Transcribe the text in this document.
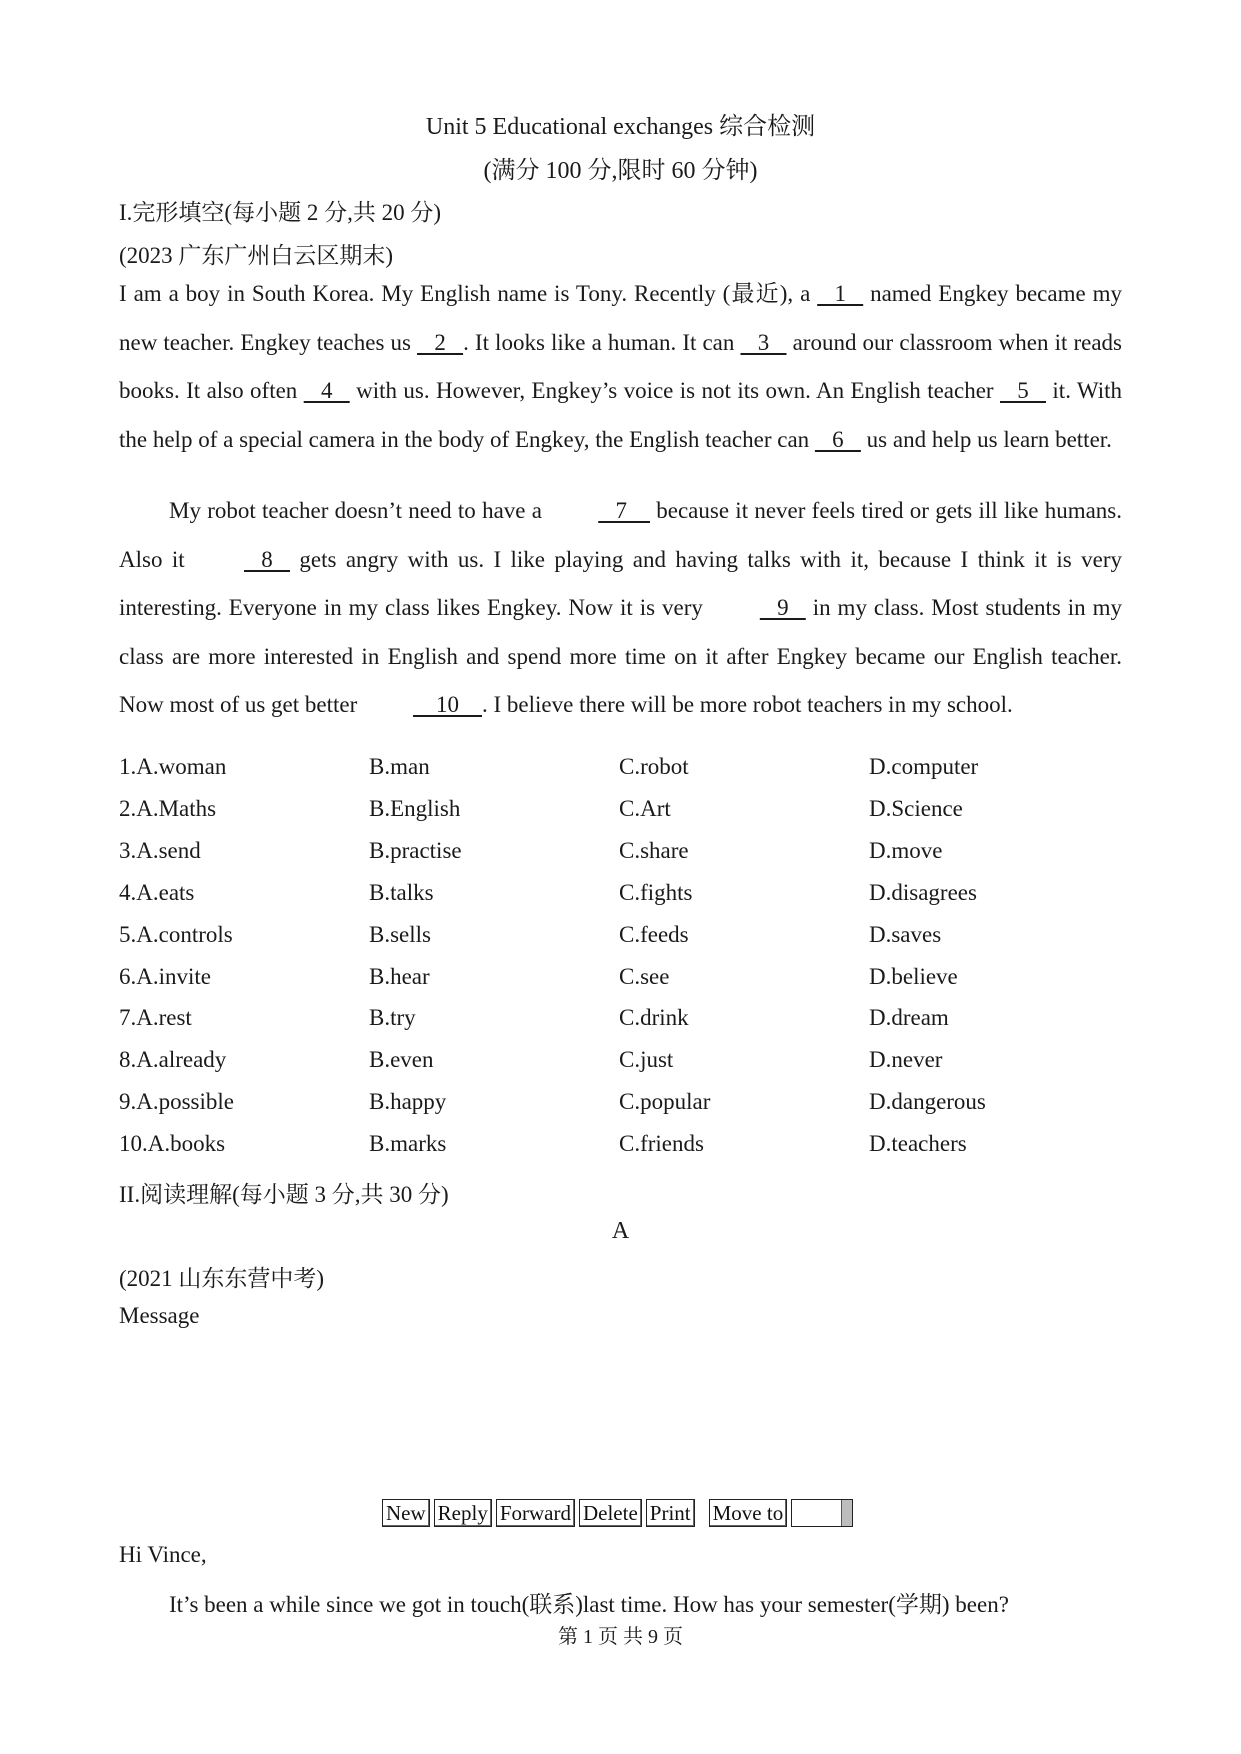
Unit 5 Educational exchanges 综合检测
(满分 100 分,限时 60 分钟)
I.完形填空(每小题 2 分,共 20 分)
(2023 广东广州白云区期末)

I am a boy in South Korea. My English name is Tony. Recently (最近), a    1    named Engkey became my new teacher. Engkey teaches us    2   . It looks like a human. It can    3    around our classroom when it reads books. It also often    4    with us. However, Engkey’s voice is not its own. An English teacher    5    it. With the help of a special camera in the body of Engkey, the English teacher can    6    us and help us learn better.

My robot teacher doesn’t need to have a    7     because it never feels tired or gets ill like humans. Also it    8    gets angry with us. I like playing and having talks with it, because I think it is very interesting. Everyone in my class likes Engkey. Now it is very    9    in my class. Most students in my class are more interested in English and spend more time on it after Engkey became our English teacher. Now most of us get better     10    . I believe there will be more robot teachers in my school.

1.A.woman	B.man	C.robot	D.computer
2.A.Maths	B.English	C.Art	D.Science
3.A.send	B.practise	C.share	D.move
4.A.eats	B.talks	C.fights	D.disagrees
5.A.controls	B.sells	C.feeds	D.saves
6.A.invite	B.hear	C.see	D.believe
7.A.rest	B.try	C.drink	D.dream
8.A.already	B.even	C.just	D.never
9.A.possible	B.happy	C.popular	D.dangerous
10.A.books	B.marks	C.friends	D.teachers
II.阅读理解(每小题 3 分,共 30 分)
A
(2021 山东东营中考)
Message
New Reply Forward Delete Print Move to
Hi Vince,
It’s been a while since we got in touch(联系)last time. How has your semester(学期) been?
第 1 页 共 9 页
